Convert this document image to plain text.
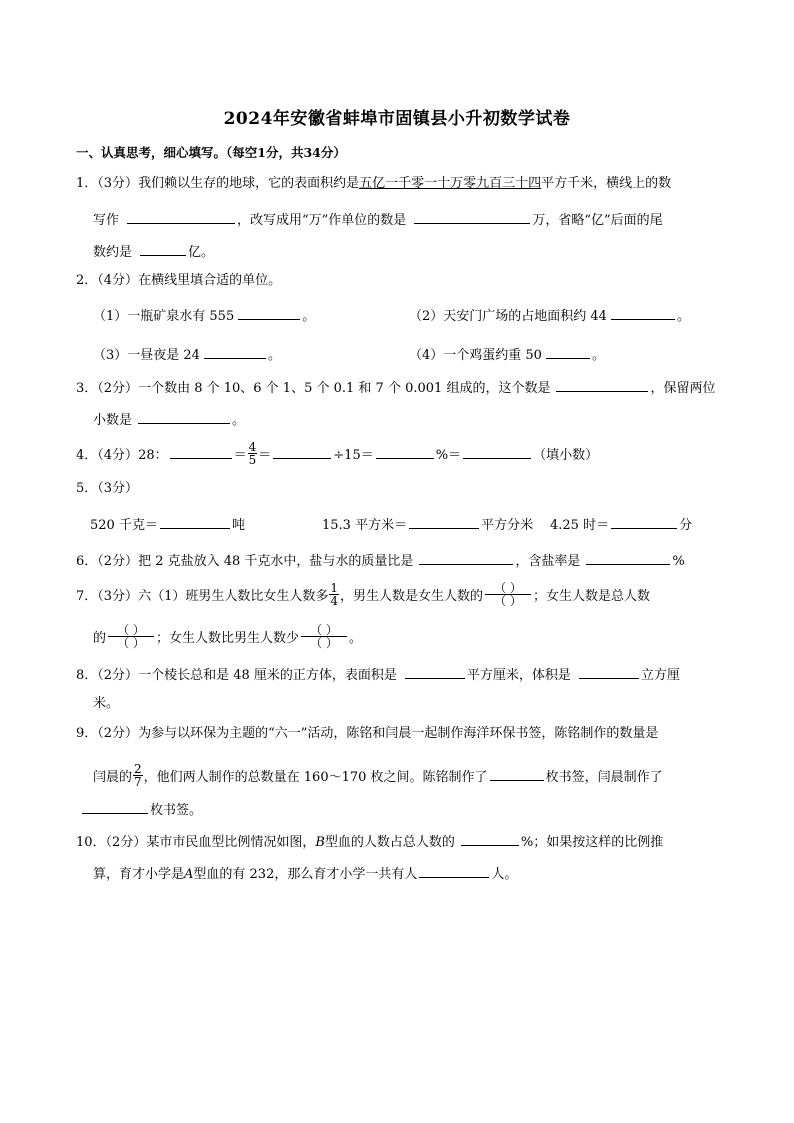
2024年安徽省蚌埠市固镇县小升初数学试卷
一、认真思考，细心填写。（每空1分，共34分）
1．（3分）我们赖以生存的地球，它的表面积约是五亿一千零一十万零九百三十四平方千米，横线上的数
写作	，改写成用“万”作单位的数是	万，省略“亿”后面的尾
数约是	亿。
2．（4分）在横线里填合适的单位。
（1）一瓶矿泉水有 555	。	（2）天安门广场的占地面积约 44	。
（3）一昼夜是 24	。	（4）一个鸡蛋约重 50	。
3．（2分）一个数由 8 个 10、6 个 1、5 个 0.1 和 7 个 0.001 组成的，这个数是	，保留两位
小数是	。
4．（4分）28：	＝ $\frac{4}{5}$ ＝	÷15＝	%＝	（填小数）
5．（3分）
520 千克＝	吨	15.3 平方米＝	平方分米 4.25 时＝	分
6．（2分）把 2 克盐放入 48 千克水中，盐与水的质量比是	，含盐率是	%
7．（3分）六（1）班男生人数比女生人数多 $\frac{1}{4}$ ，男生人数是女生人数的
（ ）
（ ） ；女生人数是总人数
的
（ ）
（ ） ；女生人数比男生人数少
（ ）
（ ） 。
8．（2分）一个棱长总和是 48 厘米的正方体，表面积是	平方厘米，体积是	立方厘
米。
9．（2分）为参与以环保为主题的“六一”活动，陈铭和闫晨一起制作海洋环保书签，陈铭制作的数量是
闫晨的 $\frac{2}{7}$ ，他们两人制作的总数量在 160～170 枚之间。陈铭制作了	枚书签，闫晨制作了
枚书签。
10．（2分）某市市民血型比例情况如图，B型血的人数占总人数的	%；如果按这样的比例推
算，育才小学是A型血的有 232，那么育才小学一共有人	人。
